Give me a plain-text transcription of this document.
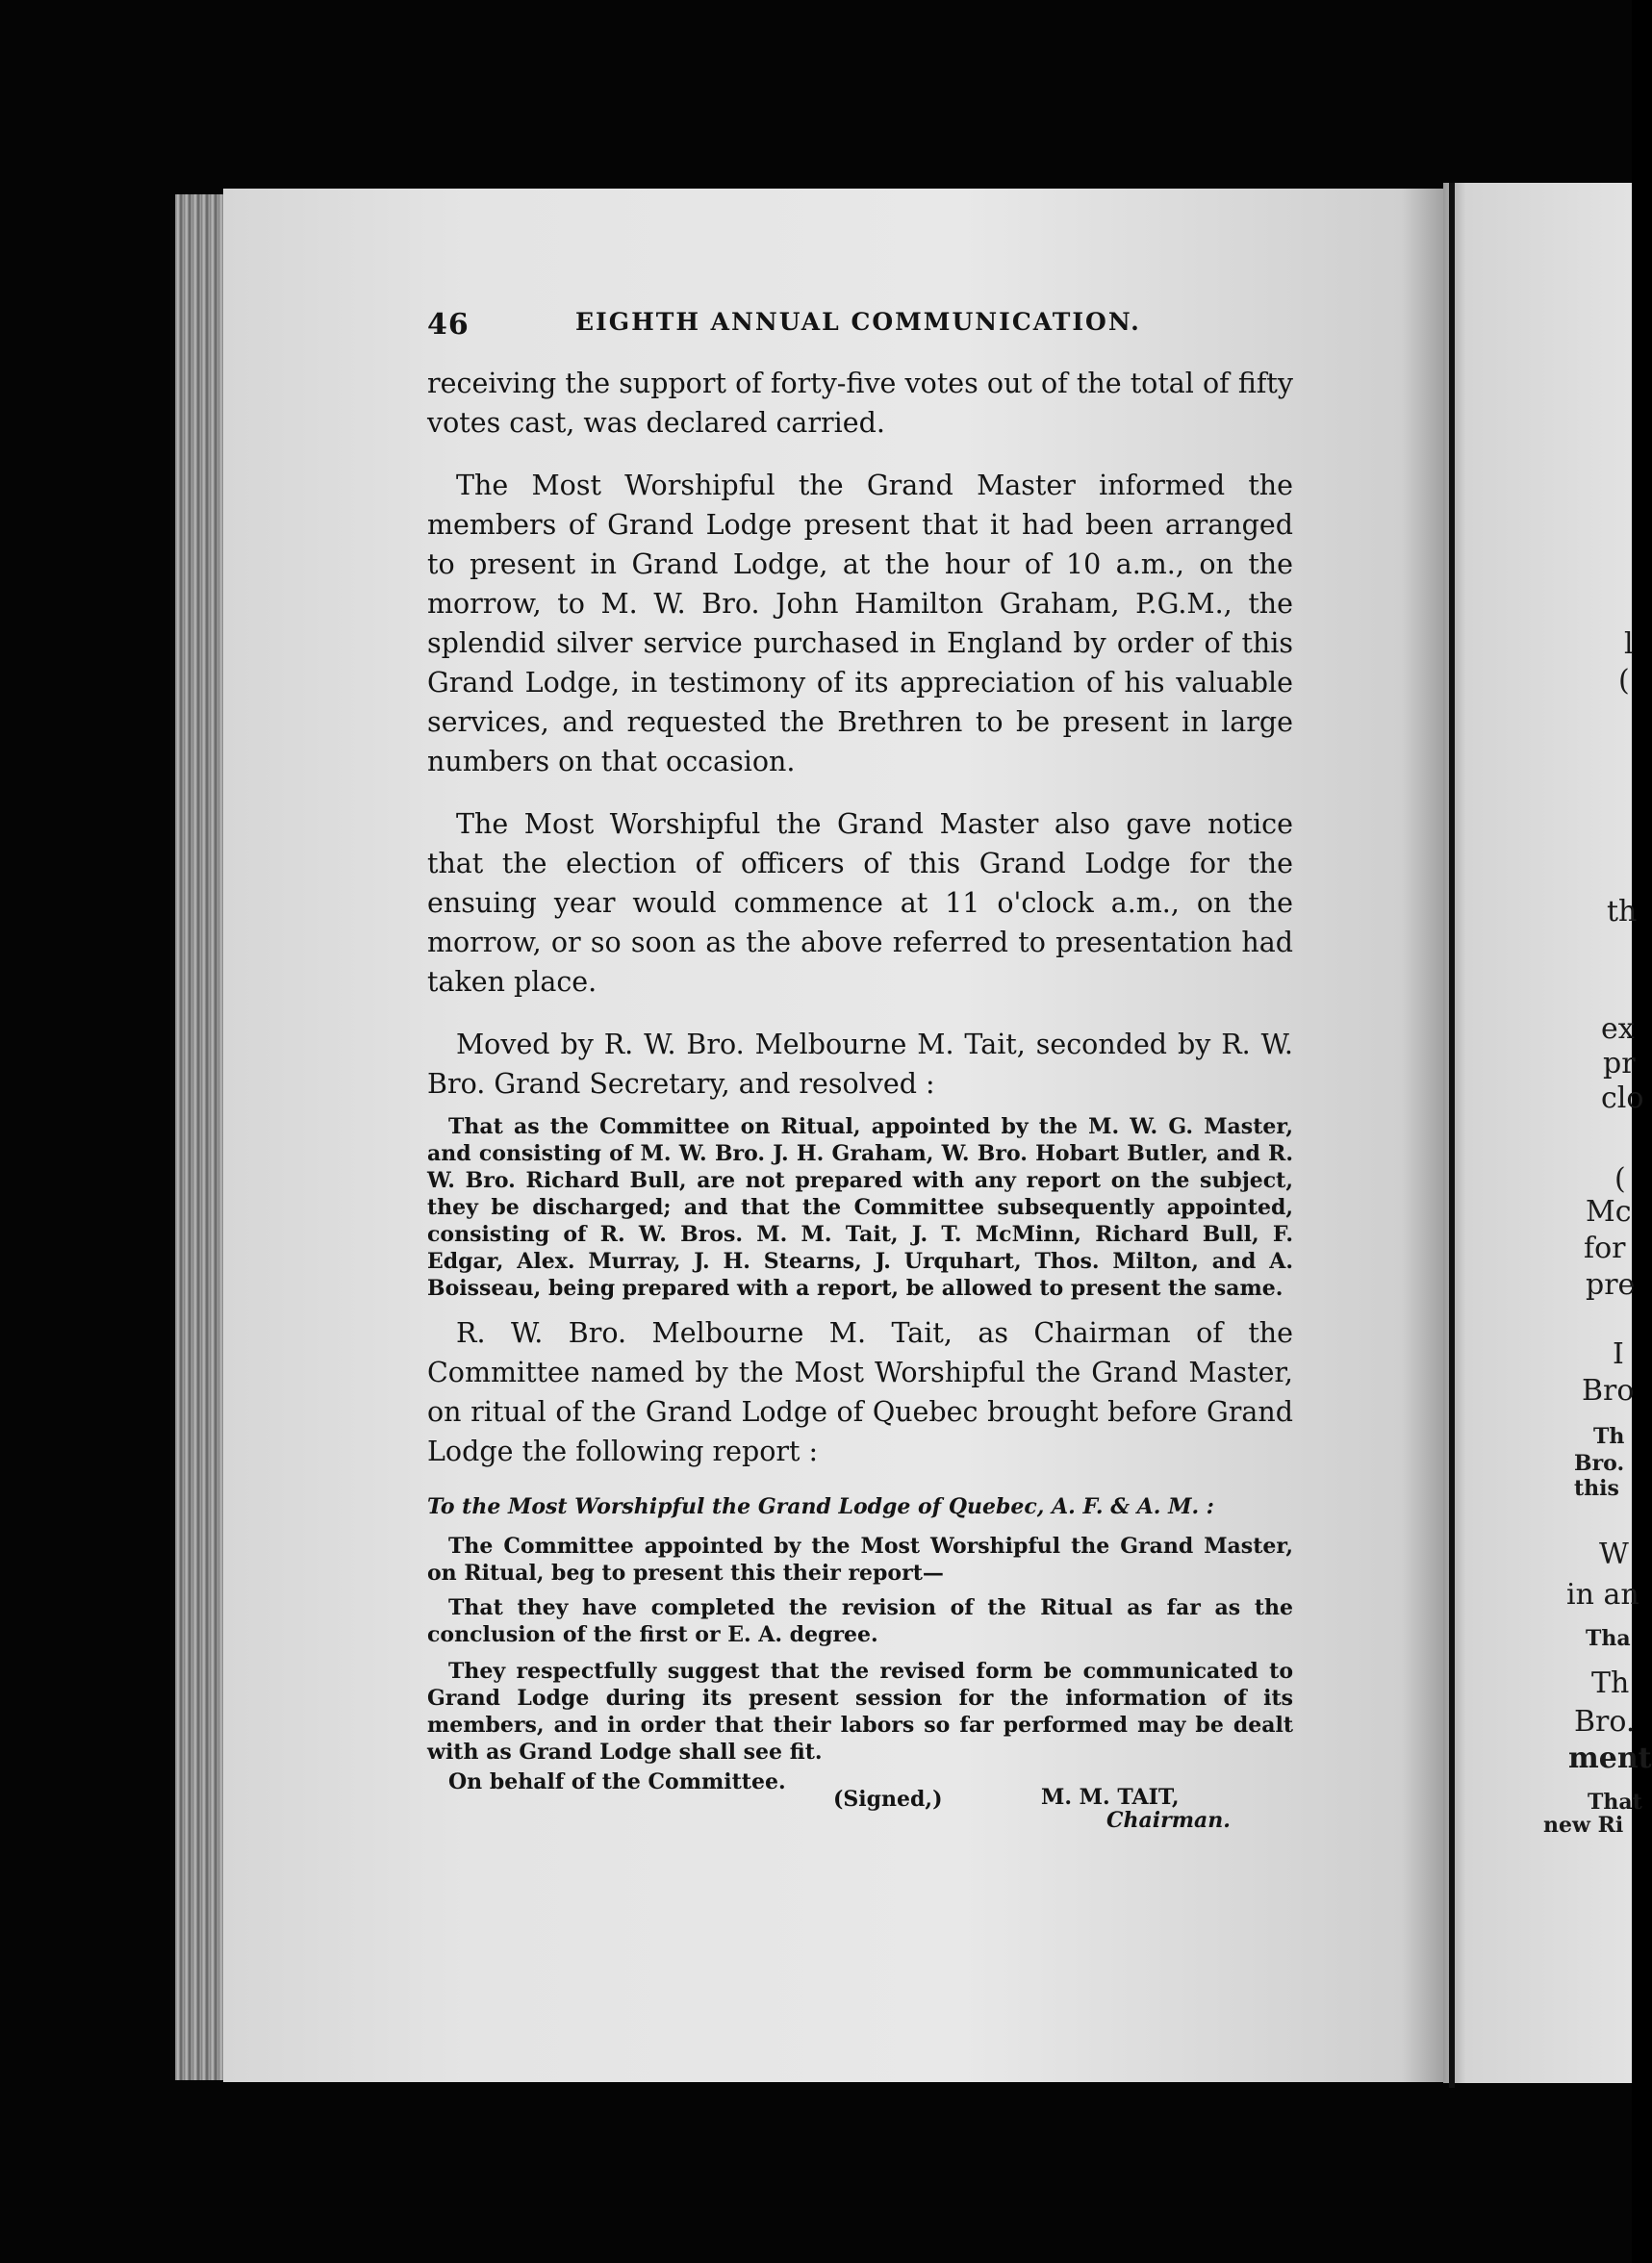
l
(
th
ex
pr
clo
(
Mc
for
pre
I
Bro
Th
Bro.
this
W
in an
Tha
Th
Bro.
ment
That
new Ri
46	EIGHTH ANNUAL COMMUNICATION.

receiving the support of forty-five votes out of the total of fifty votes cast, was declared carried.

The Most Worshipful the Grand Master informed the members of Grand Lodge present that it had been arranged to present in Grand Lodge, at the hour of 10 a.m., on the morrow, to M. W. Bro. John Hamilton Graham, P.G.M., the splendid silver service purchased in England by order of this Grand Lodge, in testimony of its appreciation of his valuable services, and requested the Brethren to be present in large numbers on that occasion.

The Most Worshipful the Grand Master also gave notice that the election of officers of this Grand Lodge for the ensuing year would commence at 11 o'clock a.m., on the morrow, or so soon as the above referred to presentation had taken place.

Moved by R. W. Bro. Melbourne M. Tait, seconded by R. W. Bro. Grand Secretary, and resolved :

That as the Committee on Ritual, appointed by the M. W. G. Master, and consisting of M. W. Bro. J. H. Graham, W. Bro. Hobart Butler, and R. W. Bro. Richard Bull, are not prepared with any report on the subject, they be discharged; and that the Committee subsequently appointed, consisting of R. W. Bros. M. M. Tait, J. T. McMinn, Richard Bull, F. Edgar, Alex. Murray, J. H. Stearns, J. Urquhart, Thos. Milton, and A. Boisseau, being prepared with a report, be allowed to present the same.

R. W. Bro. Melbourne M. Tait, as Chairman of the Committee named by the Most Worshipful the Grand Master, on ritual of the Grand Lodge of Quebec brought before Grand Lodge the following report :

To the Most Worshipful the Grand Lodge of Quebec, A. F. & A. M. :

The Committee appointed by the Most Worshipful the Grand Master, on Ritual, beg to present this their report—

That they have completed the revision of the Ritual as far as the conclusion of the first or E. A. degree.

They respectfully suggest that the revised form be communicated to Grand Lodge during its present session for the information of its members, and in order that their labors so far performed may be dealt with as Grand Lodge shall see fit.

On behalf of the Committee.
(Signed,)	M. M. TAIT,
Chairman.
